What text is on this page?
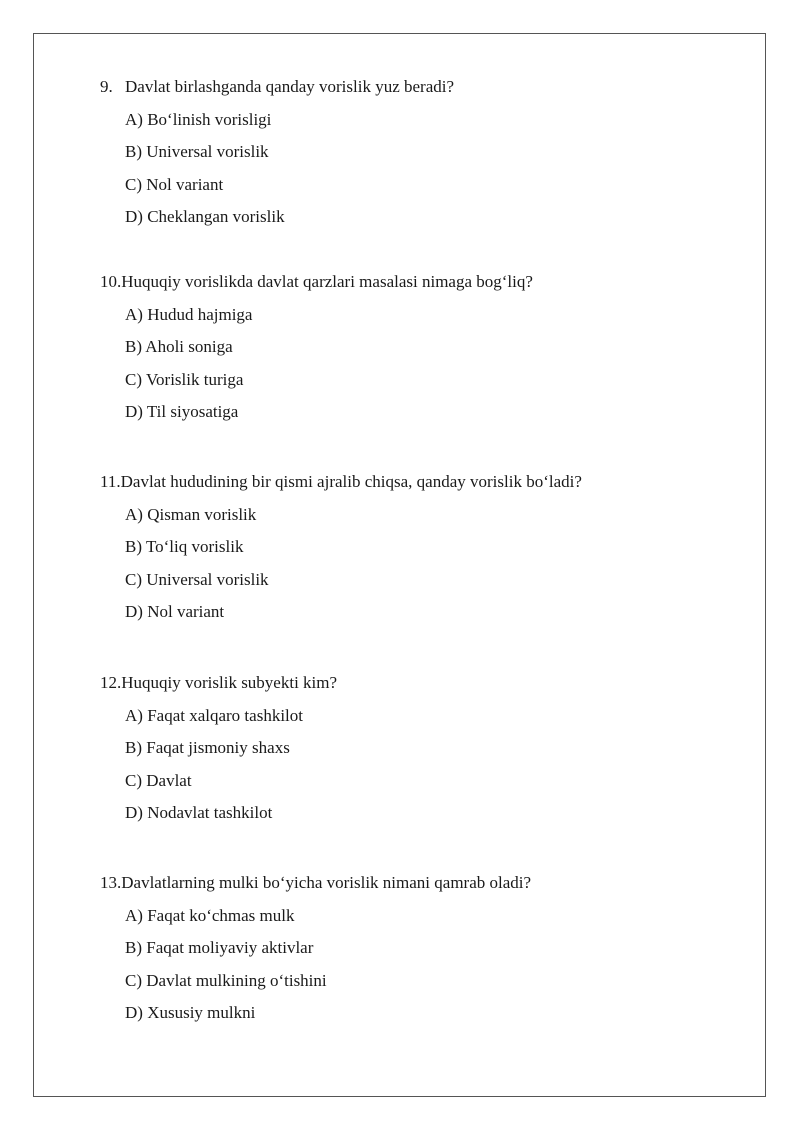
9. Davlat birlashganda qanday vorislik yuz beradi?
A) Bo‘linish vorisligi
B) Universal vorislik
C) Nol variant
D) Cheklangan vorislik
10.Huquqiy vorislikda davlat qarzlari masalasi nimaga bog‘liq?
A) Hudud hajmiga
B) Aholi soniga
C) Vorislik turiga
D) Til siyosatiga
11.Davlat hududining bir qismi ajralib chiqsa, qanday vorislik bo‘ladi?
A) Qisman vorislik
B) To‘liq vorislik
C) Universal vorislik
D) Nol variant
12.Huquqiy vorislik subyekti kim?
A) Faqat xalqaro tashkilot
B) Faqat jismoniy shaxs
C) Davlat
D) Nodavlat tashkilot
13.Davlatlarning mulki bo‘yicha vorislik nimani qamrab oladi?
A) Faqat ko‘chmas mulk
B) Faqat moliyaviy aktivlar
C) Davlat mulkining o‘tishini
D) Xususiy mulkni
